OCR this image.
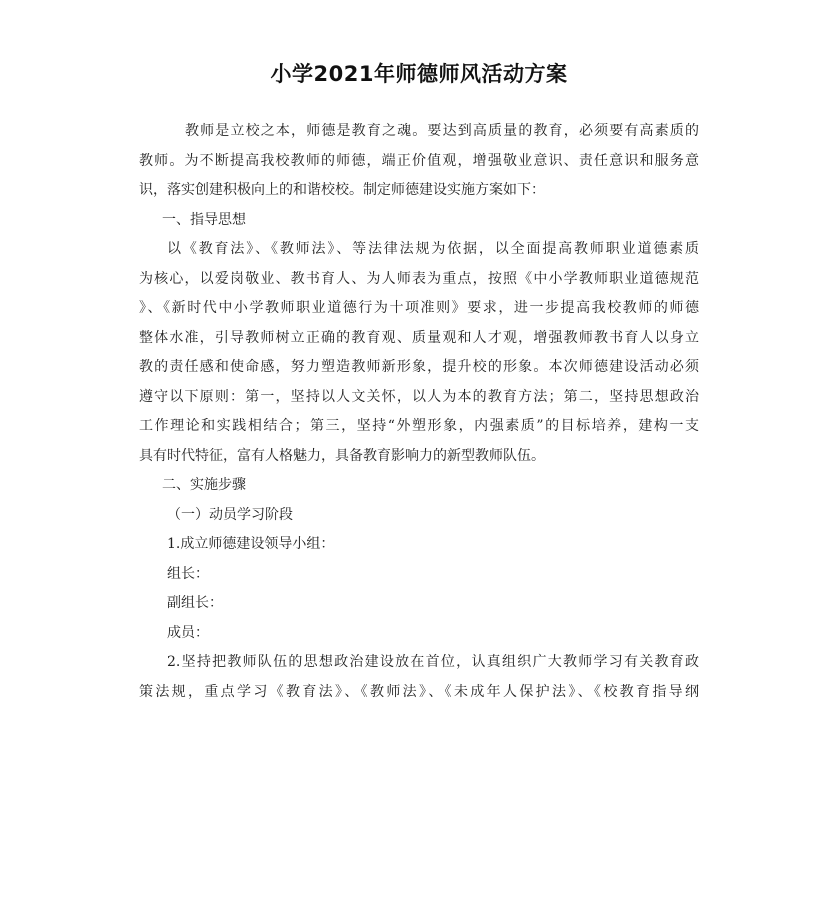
小学2021年师德师风活动方案
教师是立校之本，师德是教育之魂。要达到高质量的教育，必须要有高素质的
教师。为不断提高我校教师的师德，端正价值观，增强敬业意识、责任意识和服务意
识，落实创建积极向上的和谐校校。制定师德建设实施方案如下：
一、指导思想
以《教育法》、《教师法》、等法律法规为依据，以全面提高教师职业道德素质
为核心，以爱岗敬业、教书育人、为人师表为重点，按照《中小学教师职业道德规范
》、《新时代中小学教师职业道德行为十项准则》要求，进一步提高我校教师的师德
整体水准，引导教师树立正确的教育观、质量观和人才观，增强教师教书育人以身立
教的责任感和使命感，努力塑造教师新形象，提升校的形象。本次师德建设活动必须
遵守以下原则：第一，坚持以人文关怀，以人为本的教育方法；第二，坚持思想政治
工作理论和实践相结合；第三，坚持“外塑形象，内强素质”的目标培养，建构一支
具有时代特征，富有人格魅力，具备教育影响力的新型教师队伍。
二、实施步骤
（一）动员学习阶段
1.成立师德建设领导小组：
组长：
副组长：
成员：
2.坚持把教师队伍的思想政治建设放在首位，认真组织广大教师学习有关教育政
策法规，重点学习《教育法》、《教师法》、《未成年人保护法》、《校教育指导纲
